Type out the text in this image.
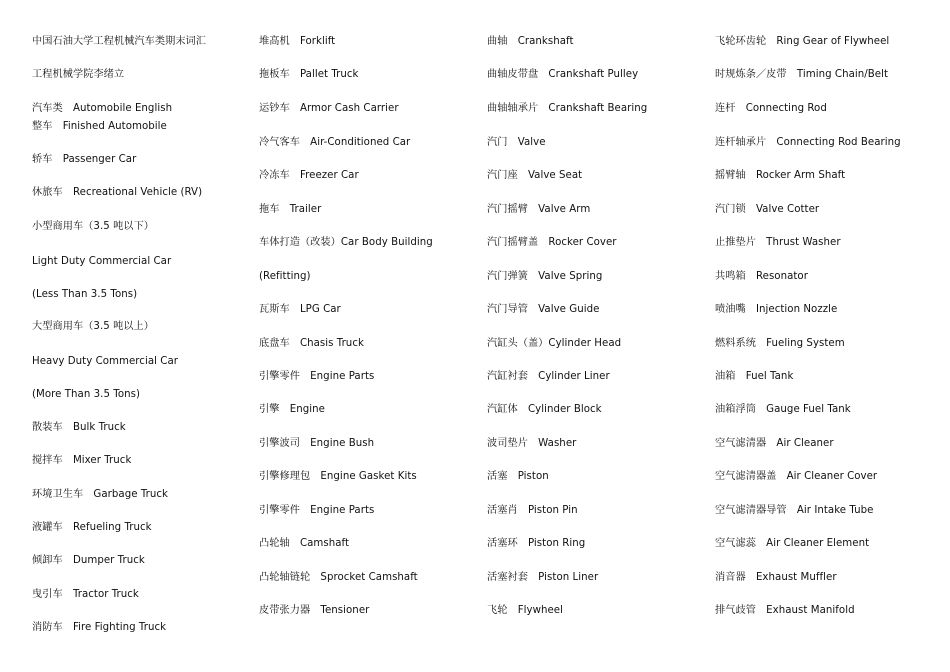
中国石油大学工程机械汽车类期末词汇
工程机械学院李绪立
汽车类　Automobile English
整车　Finished Automobile
轿车　Passenger Car
休旅车　Recreational Vehicle (RV)
小型商用车（3.5 吨以下）
Light Duty Commercial Car
(Less Than 3.5 Tons)
大型商用车（3.5 吨以上）
Heavy Duty Commercial Car
(More Than 3.5 Tons)
散装车　Bulk Truck
搅拌车　Mixer Truck
环境卫生车　Garbage Truck
液罐车　Refueling Truck
倾卸车　Dumper Truck
曳引车　Tractor Truck
消防车　Fire Fighting Truck
堆高机　Forklift
拖板车　Pallet Truck
运钞车　Armor Cash Carrier
冷气客车　Air-Conditioned Car
冷冻车　Freezer Car
拖车　Trailer
车体打造（改装）Car Body Building
(Refitting)
瓦斯车　LPG Car
底盘车　Chasis Truck
引擎零件　Engine Parts
引擎　Engine
引擎波司　Engine Bush
引擎修理包　Engine Gasket Kits
引擎零件　Engine Parts
凸轮轴　Camshaft
凸轮轴链轮　Sprocket Camshaft
皮带张力器　Tensioner
曲轴　Crankshaft
曲轴皮带盘　Crankshaft Pulley
曲轴轴承片　Crankshaft Bearing
汽门　Valve
汽门座　Valve Seat
汽门摇臂　Valve Arm
汽门摇臂盖　Rocker Cover
汽门弹簧　Valve Spring
汽门导管　Valve Guide
汽缸头（盖）Cylinder Head
汽缸衬套　Cylinder Liner
汽缸体　Cylinder Block
波司垫片　Washer
活塞　Piston
活塞肖　Piston Pin
活塞环　Piston Ring
活塞衬套　Piston Liner
飞轮　Flywheel
飞轮环齿轮　Ring Gear of Flywheel
时规炼条／皮带　Timing Chain/Belt
连杆　Connecting Rod
连杆轴承片　Connecting Rod Bearing
摇臂轴　Rocker Arm Shaft
汽门锁　Valve Cotter
止推垫片　Thrust Washer
共鸣箱　Resonator
喷油嘴　Injection Nozzle
燃料系统　Fueling System
油箱　Fuel Tank
油箱浮筒　Gauge Fuel Tank
空气滤清器　Air Cleaner
空气滤清器盖　Air Cleaner Cover
空气滤清器导管　Air Intake Tube
空气滤蕊　Air Cleaner Element
消音器　Exhaust Muffler
排气歧管　Exhaust Manifold
